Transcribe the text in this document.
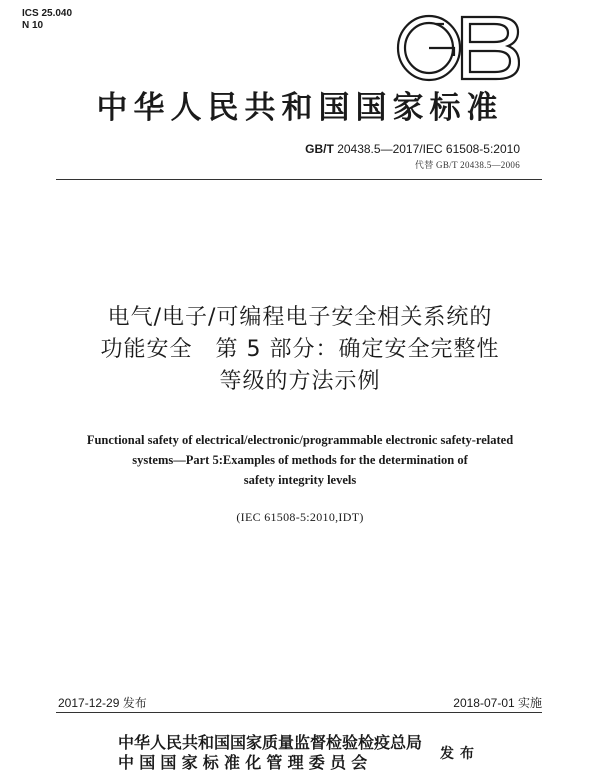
ICS 25.040
N 10
中华人民共和国国家标准
GB/T 20438.5—2017/IEC 61508-5:2010
代替 GB/T 20438.5—2006
电气/电子/可编程电子安全相关系统的
功能安全　第 5 部分：确定安全完整性
等级的方法示例
Functional safety of electrical/electronic/programmable electronic safety-related
systems—Part 5:Examples of methods for the determination of
safety integrity levels
(IEC 61508-5:2010,IDT)
2017-12-29 发布	2018-07-01 实施
中华人民共和国国家质量监督检验检疫总局
中国国家标准化管理委员会	发布
